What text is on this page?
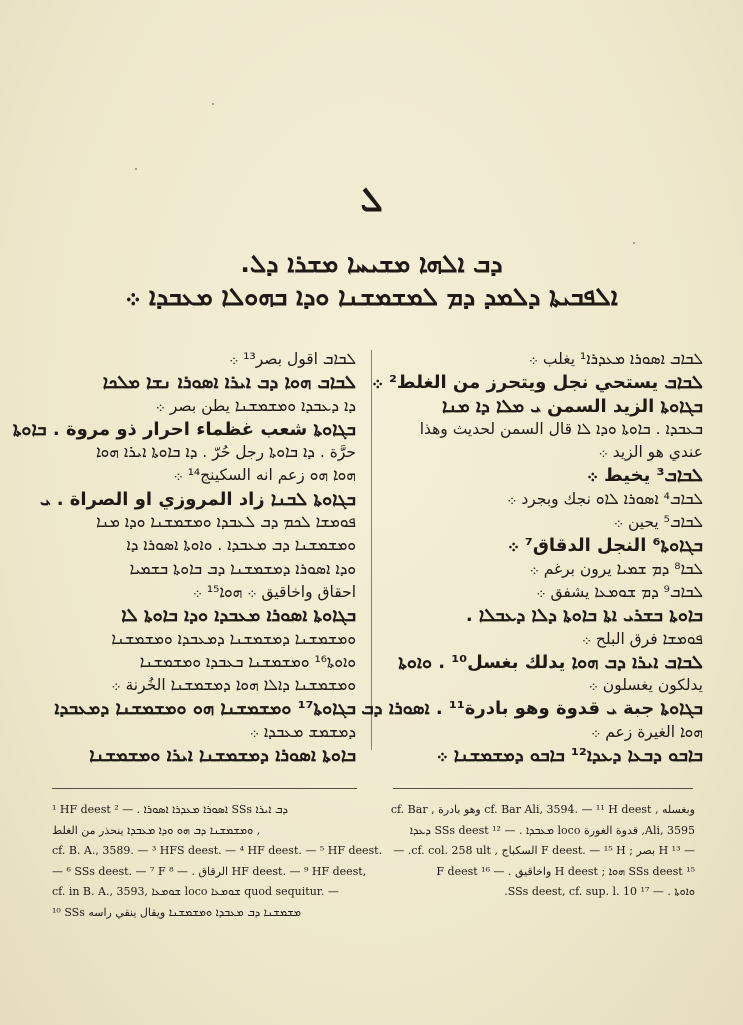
ܠ
ܕܒ ܐܠܗܐ ܡܫܝܚܐ ܡܫܪܐ ܕܠ.
ܐܠܦܒܝܬܐ ܕܠܡܕ ܕܡ ܠܡܫܡܫܢܐ ܘܕܐ ܒܗܘܠܐ ܡܥܒܕܐ ܀
ܠܒܐܒ ܐܣܘܪܐ ܡܥܕܪܐ¹ يغلب ܀
ܠܒܐܒ يستحي نجل ويتحرز من الغلط² ܀
ܒܓܐܘܬܐ الزيد السمن ܝ ܡܠܐ ܕܐ ܡܢܐ
ܒܥܒܕܐ . ܒܐܘܬܐ ܘܕܐ ܠܐ قال السمن لحديث وهذا
عندي هو الزيد ܀
ܠܒܐܒ³ يخيط ܀
ܠܒܐܒ⁴ ܐܣܘܪܐ ܠܐܘ نجك وبجرد ܀
ܠܒܐܒ⁵ يحين ܀
ܒܓܐܘܬܐ⁶ النجل الدقاق⁷ ܀
ܠܒܐ⁸ ܕܡ ܫܡܝܐ يرون برغم ܀
ܠܒܐܒ⁹ ܕܡ ܫܘܡܥܐ يشفق ܀
ܒܐܘܬܐ ܒܫܪܝ ܐܬܐ ܒܐܘܬܐ ܕܠܐ ܕܥܒܠܐ .
ܦܘܡܫܐ فرق البلح ܀
ܠܒܐܒ ܐܝܪܐ ܕܒ ܗܘܐ يدلك بغسل¹⁰ . ܘܐܘܬܐ
يدلكون يغسلون ܀
ܒܓܐܘܬܐ جبة ܝ قدوة وهو بادرة¹¹ . ܐܣܘܪܐ ܕܒ
ܗܘܐ الغيرة زعم ܀
ܒܐܒܘ ܕܒܥܐ ܕܥܕܐ¹² ܒܐܒܘ ܕܡܫܡܫܢܐ ܀
ܠܒܐܒ اقول بصر¹³ ܀
ܠܒܐܒ ܗܘܐ ܕܒ ܐܝܪܐ ܐܣܘܪܐ ܢܫܐ ܡܠܟܐ
ܕܐ ܕܥܒܕܐ ܘܡܫܡܫܢܐ يطن بصر ܀
ܒܓܐܘܬܐ شعب غظماء احرار ذو مروة . ܒܐܘܬܐ
حرَّة . ܕܐ ܒܐܘܬܐ رجل حُرّ . ܕܐ ܒܐܘܬܐ ܐܝܪܐ ܗܘܐ
ܗܘܐ ܗܘ زعم انه السكينج¹⁴ ܀
ܒܓܐܘܬܐ ܠܒܢܐ زاد المروزي او الصراة . ܝ
ܦܘܡܫܐ ܠܟܡ ܕܒ ܠܥܒܕܐ ܘܡܫܡܫܢܐ ܘܕܐ ܡܢܐ
ܘܡܫܡܫܢܐ ܕܒ ܡܥܒܕܐ . ܘܐܘܬܐ ܐܣܘܪܐ ܕܐ
ܘܕܐ ܐܣܘܪܐ ܕܡܫܡܫܢܐ ܕܒ ܒܐܘܬܐ ܒܫܡܝܐ
احقاق واخاقيق ܀ ܗܘܐ¹⁵ ܀
ܒܓܐܘܬܐ ܐܣܘܪܐ ܡܥܒܕܐ ܘܕܐ ܒܐܘܬܐ ܠܐ
ܘܡܫܡܫܢܐ ܕܡܫܡܫܢܐ ܕܡܥܒܕܐ ܘܡܫܡܫܢܐ
ܘܐܘܬܐ¹⁶ ܘܡܫܡܫܢܐ ܒܥܒܕܐ ܘܡܫܡܫܢܐ
ܘܡܫܡܫܢܐ ܕܐܠܐ ܗܘܐ ܕܡܫܡܫܢܐ الخُرنة ܀
ܒܓܐܘܬܐ¹⁷ ܘܡܫܡܫܢܐ ܗܘ ܘܡܫܡܫܢܐ ܕܡܥܒܕܐ
ܕܡܫܡܫ ܡܥܒܕܐ ܀
ܒܐܘܬܐ ܐܣܘܪܐ ܕܡܫܡܫܢܐ ܐܝܪܐ ܘܡܫܡܫܢܐ
¹ HF deest ܐܣܘܪܐ ܡܥܕܪܐ ܐܣܘܪܐ . — ² SSs ܕܒ ܐܝܪܐ
ܘܡܫܡܫܢܐ ܕܒ ܗܘ ܘܕܐ ܡܥܒܕܐ ينحذر من الغلط ,
cf. B. A., 3589. — ³ HFS deest. — ⁴ HF deest. — ⁵ HF deest.
— ⁶ SSs deest. — ⁷ F الرقاق . — ⁸ HF deest. — ⁹ HF deest,
cf. in B. A., 3593, ܫܘܡܥܐ loco ܫܘܡܥܐ quod sequitur. —
¹⁰ SSs ܡܫܡܫܢܐ ܕܒ ܡܥܒܕܐ ܘܡܫܡܫܢܐ ويقال ينقي راسه
وبغسله , cf. Bar Ali, 3594. — ¹¹ H deest وهو بادرة , cf. Bar
Ali, 3595, قدوة الغورة loco ܡܥܒܕܐ . — ¹² SSs deest ܕܥܕܐ
— ¹³ H بصر ; F deest. — ¹⁵ H السكباج , cf. col. 258 ult. —
¹⁵ SSs deest ܗܘܐ ; H deest واخاقيق . — ¹⁶ F deest
ܘܐܘܬܐ . — ¹⁷ SSs deest, cf. sup. l. 10.
